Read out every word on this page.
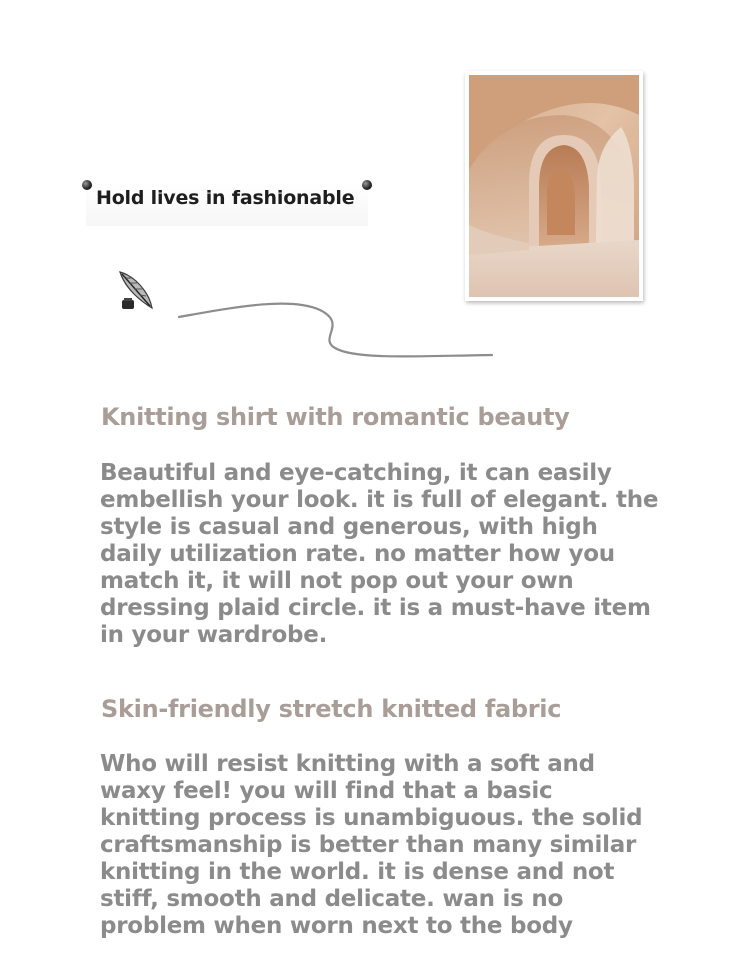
Hold lives in fashionable
Knitting shirt with romantic beauty

Beautiful and eye-catching, it can easily embellish your look. it is full of elegant. the style is casual and generous, with high daily utilization rate. no matter how you match it, it will not pop out your own dressing plaid circle. it is a must-have item in your wardrobe.

Skin-friendly stretch knitted fabric

Who will resist knitting with a soft and waxy feel! you will find that a basic knitting process is unambiguous. the solid craftsmanship is better than many similar knitting in the world. it is dense and not stiff, smooth and delicate. wan is no problem when worn next to the body
